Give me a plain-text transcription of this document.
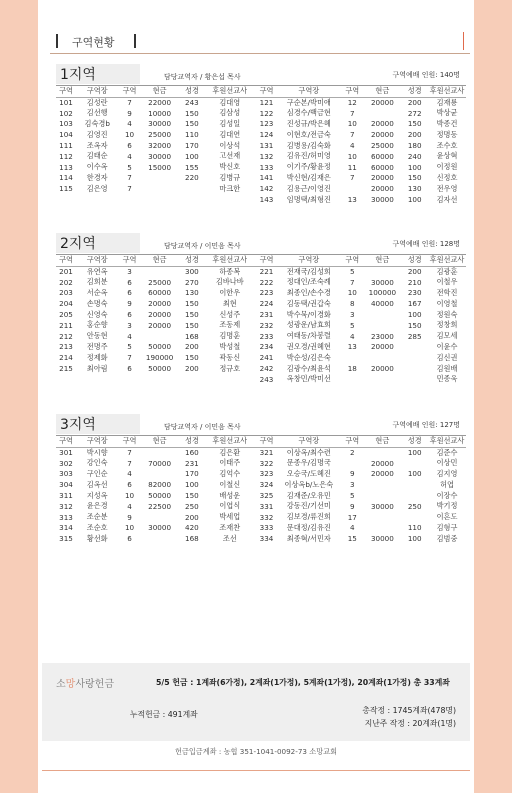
구역현황
1지역	담당교역자 / 황은섭 목사	구역예배 인원: 140명
구역	구역장	구역	현금	성경	후원선교사		구역	구역장	구역	현금	성경	후원선교사
101	김성란	7	22000	243	김대영		121	구순본/박미애	12	20000	200	김재룡
102	김선행	9	10000	150	김삼성		122	심경수/백금현	7		272	박상균
103	김숙경b	4	30000	150	김성일		123	진성규/박은혜	10	20000	150	박종건
104	김영진	10	25000	110	김대연		124	이현호/전금숙	7	20000	200	정명동
111	조옥자	6	32000	170	이상석		131	김병용/김숙화	4	25000	180	조수호
112	김태순	4	30000	100	고선재		132	김유진/허미영	10	60000	240	윤상혁
113	이수옥	5	15000	155	박신호		133	이기주/황윤정	11	60000	100	이정원
114	한경자	7		220	김병규		141	박신현/김재은	7	20000	150	신정호
115	김은영	7			마크한		142	김용근/이영진		20000	130	전우영
							143	임명택/최형진	13	30000	100	김자선
2지역	담당교역자 / 이민음 목사	구역예배 인원: 128명
구역	구역장	구역	현금	성경	후원선교사		구역	구역장	구역	현금	성경	후원선교사
201	유연옥	3		300	하종복		221	전재국/김성희	5		200	김광훈
202	김희분	6	25000	270	김바나바		222	정대인/조숙례	7	30000	210	이철우
203	서순옥	6	60000	130	이한우		223	최종인/손수경	10	100000	230	전학진
204	손명숙	9	20000	150	최현		224	김동택/권갑숙	8	40000	167	이영철
205	신영숙	6	20000	150	신성주		231	박수묵/이경화	3		100	정원숙
211	홍순향	3	20000	150	조동제		232	성광운/남효희	5		150	정창희
212	안동현	4		168	김명훈		233	여태동/차봉렬	4	23000	285	김모세
213	전명주	5	50000	200	박성철		234	권오경/권혜현	13	20000		이윤수
214	정제화	7	190000	150	곽동신		241	박순성/김은숙				김신권
215	최아림	6	50000	200	정규호		242	김광수/최윤석	18	20000		김원배
							243	옥창민/박미선				민종욱
3지역	담당교역자 / 이민음 목사	구역예배 인원: 127명
구역	구역장	구역	현금	성경	후원선교사		구역	구역장	구역	현금	성경	후원선교사
301	박시향	7		160	김은환		321	이상옥/최수련	2		100	김준수
302	강인숙	7	70000	231	이태주		322	문종우/김명국		20000		이상민
303	구인순	4		170	김억수		323	오승국/도혜진	9	20000	100	김지영
304	김옥선	6	82000	100	이철신		324	이상옥b/노은숙	3			허엽
311	지성옥	10	50000	150	배성운		325	김재준/오유민	5			이장수
312	윤은경	4	22500	250	이엽식		331	강동진/기선미	9	30000	250	박기정
313	조순분	9		200	박세업		332	김보경/류진희	17			이흔도
314	조순호	10	30000	420	조재찬		333	문대정/김유진	4		110	김형구
315	황선화	6		168	조선		334	최종혁/서민자	15	30000	100	김범중
소망사랑헌금	5/5 헌금 : 1계좌(6가정), 2계좌(1가정), 5계좌(1가정), 20계좌(1가정) 총 33계좌
누적헌금 : 491계좌	총작정 : 1745계좌(478명)
지난주 작정 : 20계좌(1명)
헌금입금계좌 : 농협 351-1041-0092-73 소망교회
